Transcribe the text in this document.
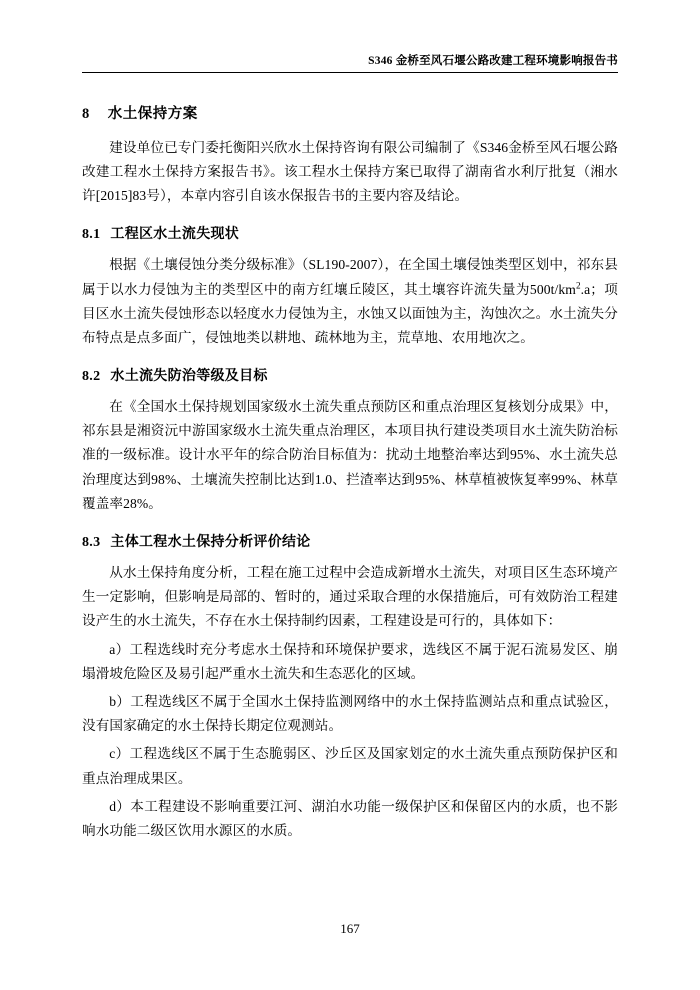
S346 金桥至风石堰公路改建工程环境影响报告书
8 水土保持方案

建设单位已专门委托衡阳兴欣水土保持咨询有限公司编制了《S346金桥至风石堰公路改建工程水土保持方案报告书》。该工程水土保持方案已取得了湖南省水利厅批复（湘水许[2015]83号），本章内容引自该水保报告书的主要内容及结论。

8.1 工程区水土流失现状

根据《土壤侵蚀分类分级标准》（SL190-2007），在全国土壤侵蚀类型区划中，祁东县属于以水力侵蚀为主的类型区中的南方红壤丘陵区，其土壤容许流失量为$500t/km^2.a$；项目区水土流失侵蚀形态以轻度水力侵蚀为主，水蚀又以面蚀为主，沟蚀次之。水土流失分布特点是点多面广，侵蚀地类以耕地、疏林地为主，荒草地、农用地次之。

8.2 水土流失防治等级及目标

在《全国水土保持规划国家级水土流失重点预防区和重点治理区复核划分成果》中，祁东县是湘资沅中游国家级水土流失重点治理区，本项目执行建设类项目水土流失防治标准的一级标准。设计水平年的综合防治目标值为：扰动土地整治率达到95%、水土流失总治理度达到98%、土壤流失控制比达到1.0、拦渣率达到95%、林草植被恢复率99%、林草覆盖率28%。

8.3 主体工程水土保持分析评价结论

从水土保持角度分析，工程在施工过程中会造成新增水土流失，对项目区生态环境产生一定影响，但影响是局部的、暂时的，通过采取合理的水保措施后，可有效防治工程建设产生的水土流失，不存在水土保持制约因素，工程建设是可行的，具体如下：

a）工程选线时充分考虑水土保持和环境保护要求，选线区不属于泥石流易发区、崩塌滑坡危险区及易引起严重水土流失和生态恶化的区域。

b）工程选线区不属于全国水土保持监测网络中的水土保持监测站点和重点试验区，没有国家确定的水土保持长期定位观测站。

c）工程选线区不属于生态脆弱区、沙丘区及国家划定的水土流失重点预防保护区和重点治理成果区。

d）本工程建设不影响重要江河、湖泊水功能一级保护区和保留区内的水质，也不影响水功能二级区饮用水源区的水质。

167
